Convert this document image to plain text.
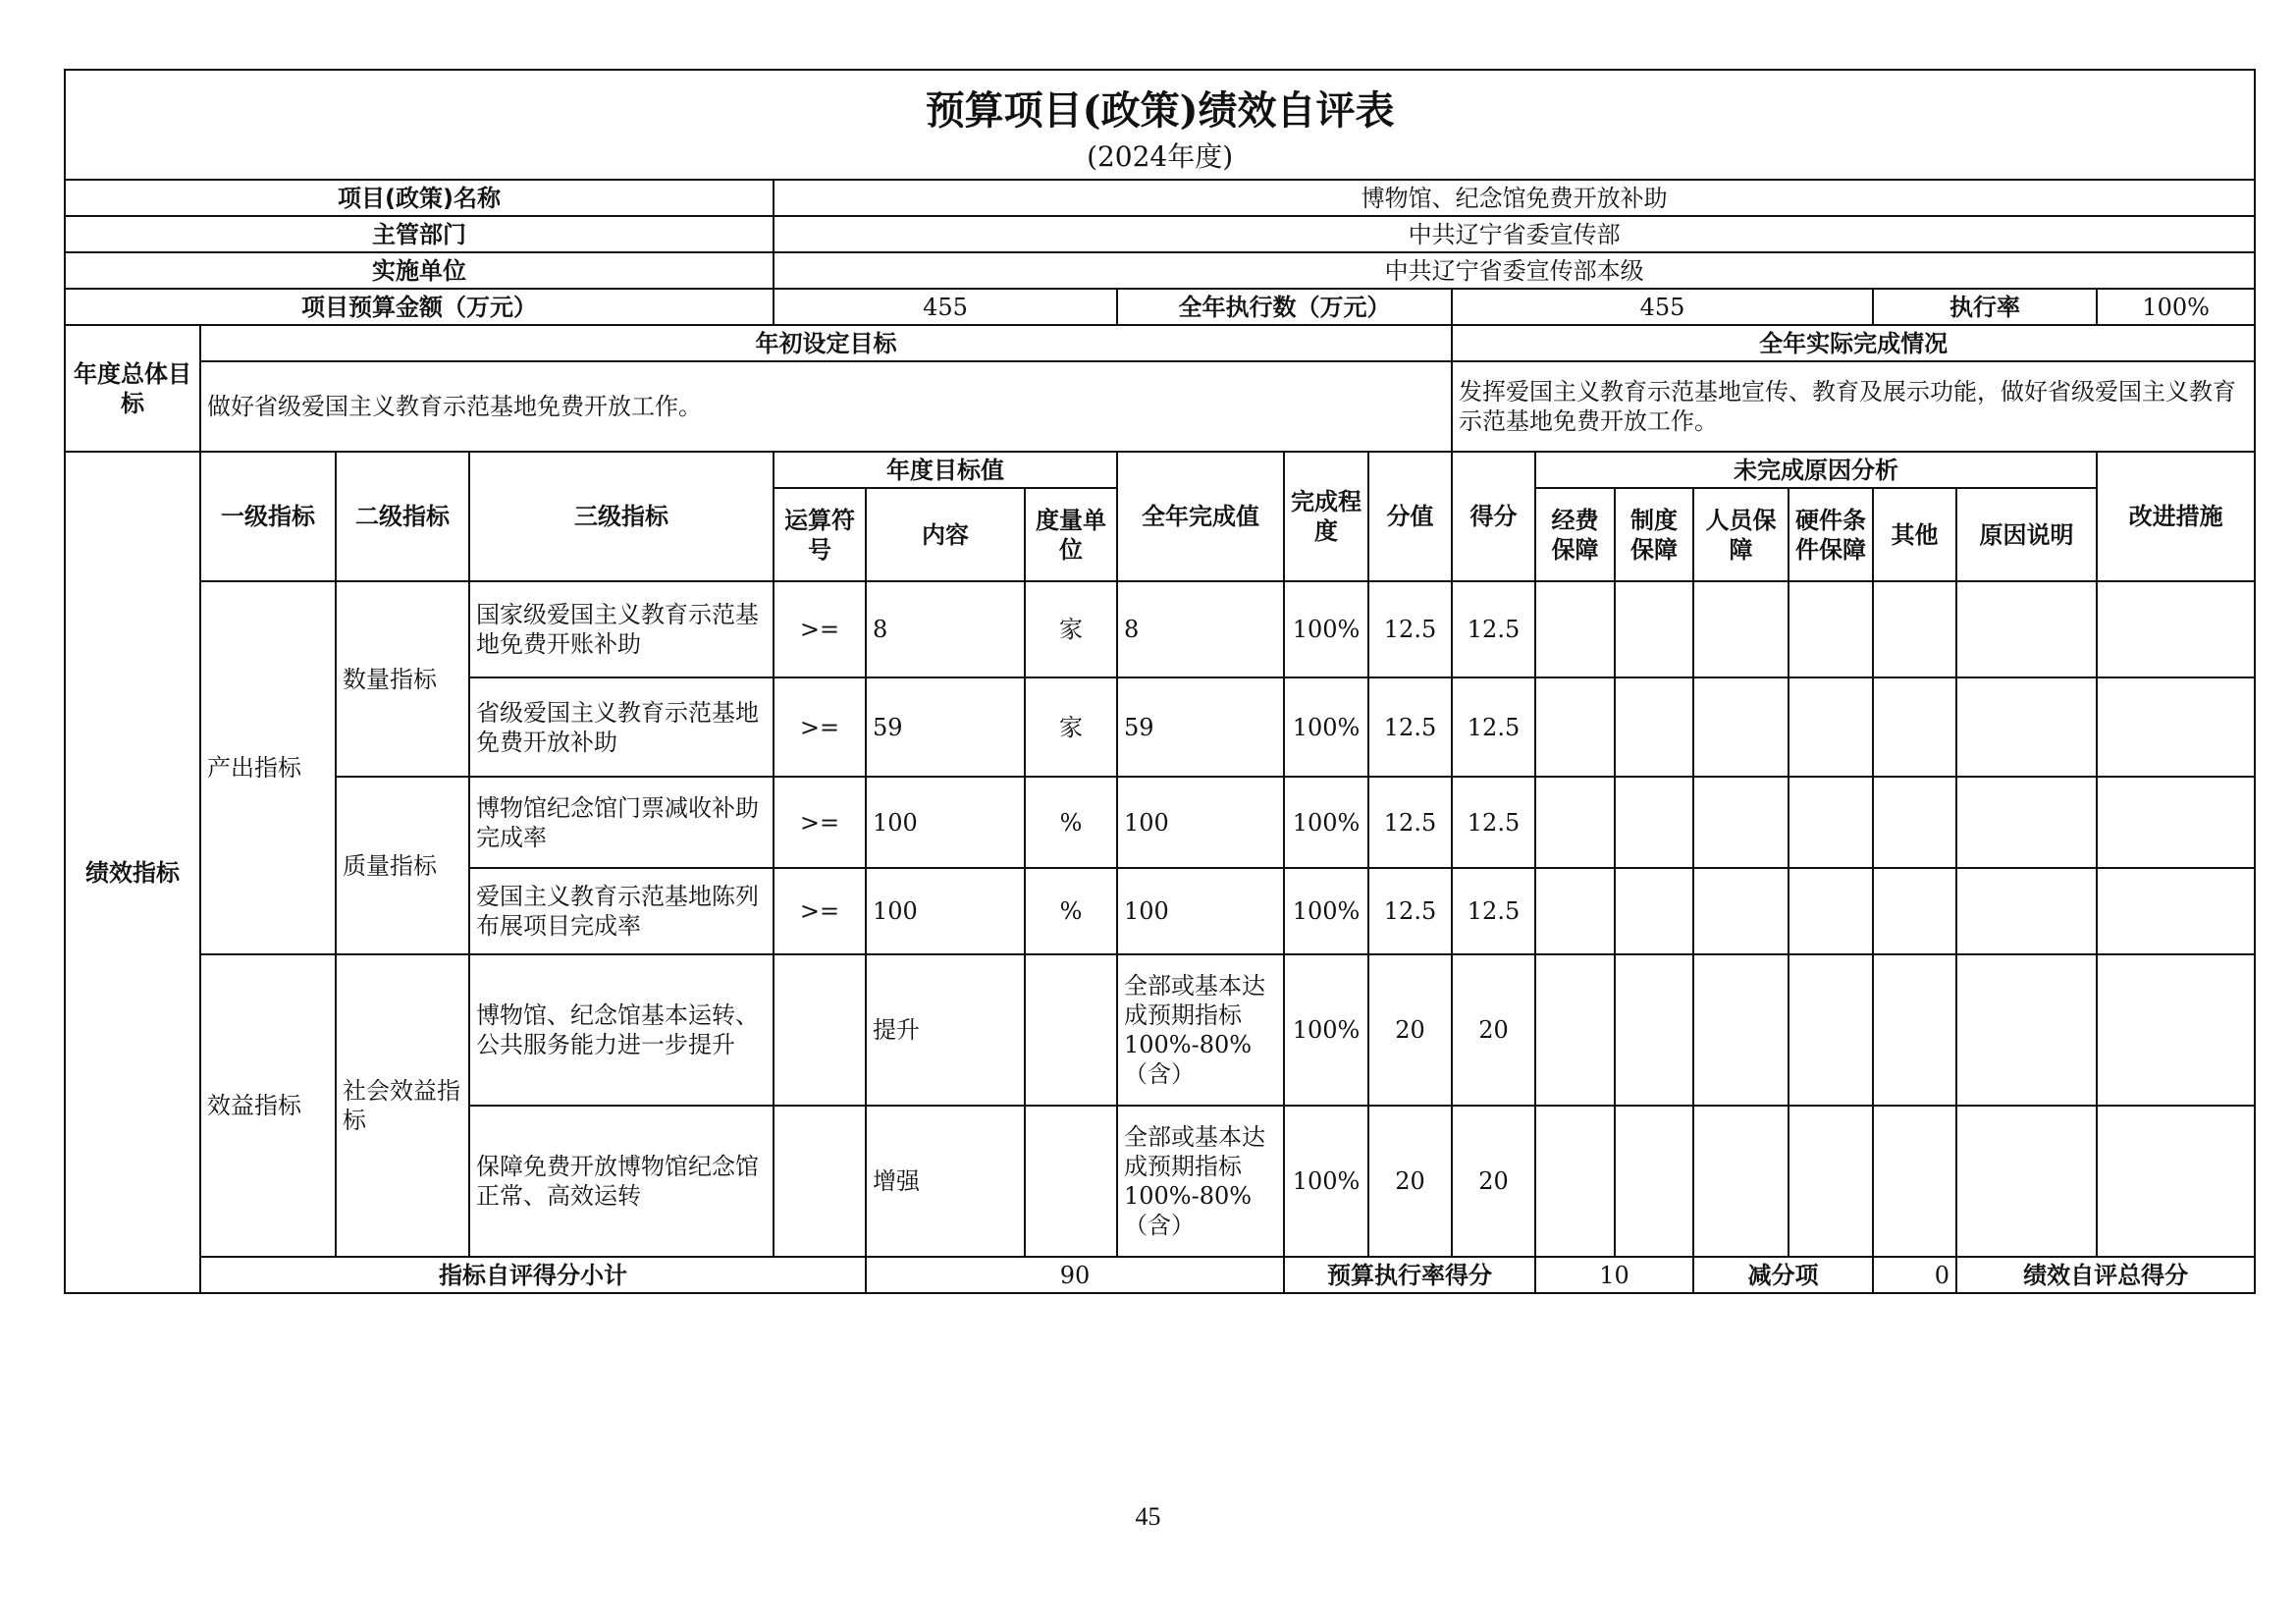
预算项目(政策)绩效自评表
(2024年度)																		

项目(政策)名称				博物馆、纪念馆免费开放补助														
主管部门				中共辽宁省委宣传部														
实施单位				中共辽宁省委宣传部本级														
项目预算金额（万元）				455			全年执行数（万元）			455					执行率		100%	
年度总体目标	年初设定目标									全年实际完成情况								
	做好省级爱国主义教育示范基地免费开放工作。									发挥爱国主义教育示范基地宣传、教育及展示功能，做好省级爱国主义教育示范基地免费开放工作。								
绩效指标	一级指标	二级指标	三级指标	年度目标值			全年完成值	完成程度	分值	得分	未完成原因分析						改进措施	
				运算符号	内容	度量单位					经费保障	制度保障	人员保障	硬件条件保障	其他	原因说明		
	产出指标	数量指标	国家级爱国主义教育示范基地免费开账补助	>=	8	家	8	100%	12.5	12.5								
			省级爱国主义教育示范基地免费开放补助	>=	59	家	59	100%	12.5	12.5								
		质量指标	博物馆纪念馆门票减收补助完成率	>=	100	%	100	100%	12.5	12.5								
			爱国主义教育示范基地陈列布展项目完成率	>=	100	%	100	100%	12.5	12.5								
	效益指标	社会效益指标	博物馆、纪念馆基本运转、公共服务能力进一步提升		提升		全部或基本达成预期指标100%-80%（含）	100%	20	20								
			保障免费开放博物馆纪念馆正常、高效运转		增强		全部或基本达成预期指标100%-80%（含）	100%	20	20								
	指标自评得分小计				90			预算执行率得分			10		减分项		0	绩效自评总得分	
45
